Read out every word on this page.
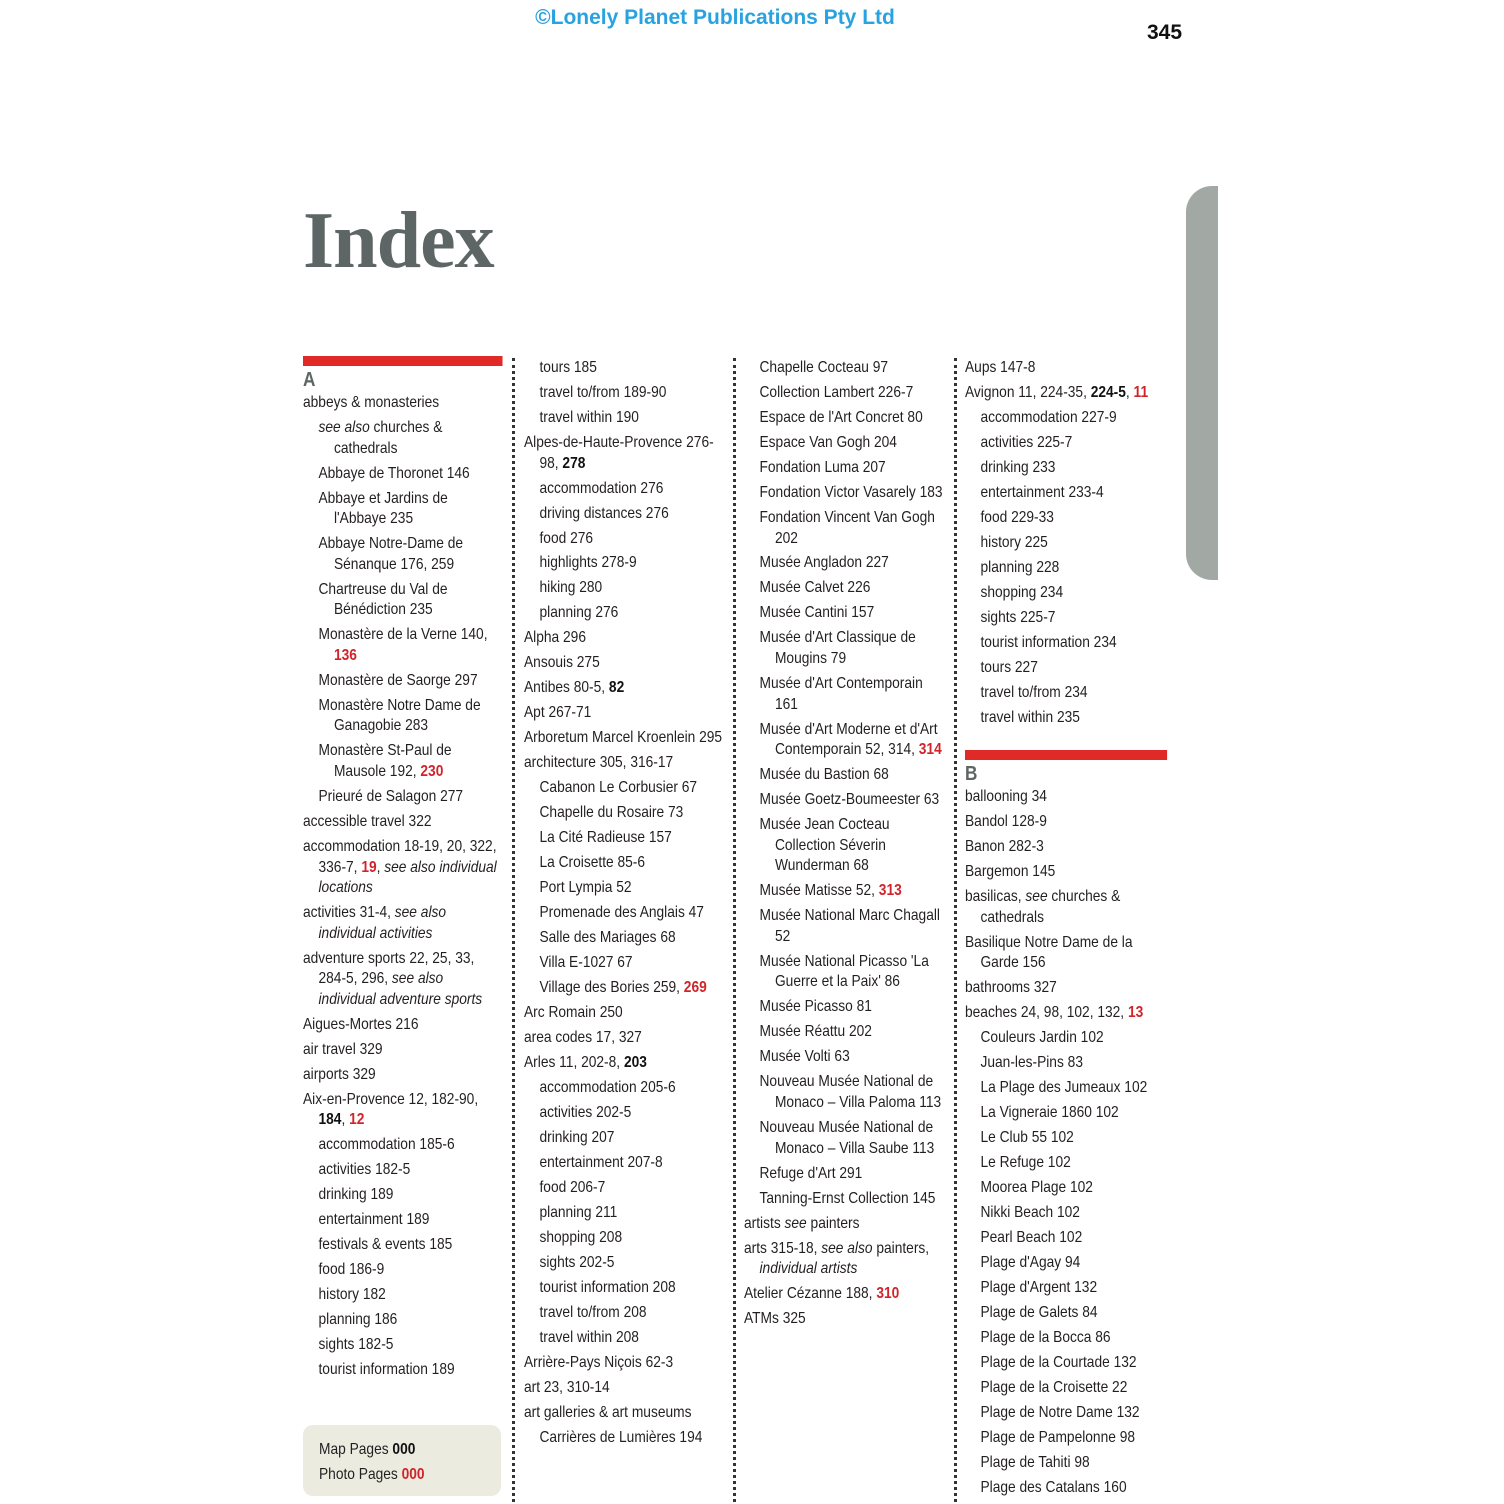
©Lonely Planet Publications Pty Ltd
345
Index
A
abbeys & monasteries
see also churches & cathedrals
Abbaye de Thoronet 146
Abbaye et Jardins de l'Abbaye 235
Abbaye Notre-Dame de Sénanque 176, 259
Chartreuse du Val de Bénédiction 235
Monastère de la Verne 140, 136
Monastère de Saorge 297
Monastère Notre Dame de Ganagobie 283
Monastère St-Paul de Mausole 192, 230
Prieuré de Salagon 277
accessible travel 322
accommodation 18-19, 20, 322, 336-7, 19, see also individual locations
activities 31-4, see also individual activities
adventure sports 22, 25, 33, 284-5, 296, see also individual adventure sports
Aigues-Mortes 216
air travel 329
airports 329
Aix-en-Provence 12, 182-90, 184, 12
accommodation 185-6
activities 182-5
drinking 189
entertainment 189
festivals & events 185
food 186-9
history 182
planning 186
sights 182-5
tourist information 189
tours 185
travel to/from 189-90
travel within 190
Alpes-de-Haute-Provence 276-98, 278
accommodation 276
driving distances 276
food 276
highlights 278-9
hiking 280
planning 276
Alpha 296
Ansouis 275
Antibes 80-5, 82
Apt 267-71
Arboretum Marcel Kroenlein 295
architecture 305, 316-17
Cabanon Le Corbusier 67
Chapelle du Rosaire 73
La Cité Radieuse 157
La Croisette 85-6
Port Lympia 52
Promenade des Anglais 47
Salle des Mariages 68
Villa E-1027 67
Village des Bories 259, 269
Arc Romain 250
area codes 17, 327
Arles 11, 202-8, 203
accommodation 205-6
activities 202-5
drinking 207
entertainment 207-8
food 206-7
planning 211
shopping 208
sights 202-5
tourist information 208
travel to/from 208
travel within 208
Arrière-Pays Niçois 62-3
art 23, 310-14
art galleries & art museums
Carrières de Lumières 194
Chapelle Cocteau 97
Collection Lambert 226-7
Espace de l'Art Concret 80
Espace Van Gogh 204
Fondation Luma 207
Fondation Victor Vasarely 183
Fondation Vincent Van Gogh 202
Musée Angladon 227
Musée Calvet 226
Musée Cantini 157
Musée d'Art Classique de Mougins 79
Musée d'Art Contemporain 161
Musée d'Art Moderne et d'Art Contemporain 52, 314, 314
Musée du Bastion 68
Musée Goetz-Boumeester 63
Musée Jean Cocteau Collection Séverin Wunderman 68
Musée Matisse 52, 313
Musée National Marc Chagall 52
Musée National Picasso 'La Guerre et la Paix' 86
Musée Picasso 81
Musée Réattu 202
Musée Volti 63
Nouveau Musée National de Monaco – Villa Paloma 113
Nouveau Musée National de Monaco – Villa Saube 113
Refuge d'Art 291
Tanning-Ernst Collection 145
artists see painters
arts 315-18, see also painters, individual artists
Atelier Cézanne 188, 310
ATMs 325
Aups 147-8
Avignon 11, 224-35, 224-5, 11
accommodation 227-9
activities 225-7
drinking 233
entertainment 233-4
food 229-33
history 225
planning 228
shopping 234
sights 225-7
tourist information 234
tours 227
travel to/from 234
travel within 235
B
ballooning 34
Bandol 128-9
Banon 282-3
Bargemon 145
basilicas, see churches & cathedrals
Basilique Notre Dame de la Garde 156
bathrooms 327
beaches 24, 98, 102, 132, 13
Couleurs Jardin 102
Juan-les-Pins 83
La Plage des Jumeaux 102
La Vigneraie 1860 102
Le Club 55 102
Le Refuge 102
Moorea Plage 102
Nikki Beach 102
Pearl Beach 102
Plage d'Agay 94
Plage d'Argent 132
Plage de Galets 84
Plage de la Bocca 86
Plage de la Courtade 132
Plage de la Croisette 22
Plage de Notre Dame 132
Plage de Pampelonne 98
Plage de Tahiti 98
Plage des Catalans 160
Map Pages 000
Photo Pages 000
